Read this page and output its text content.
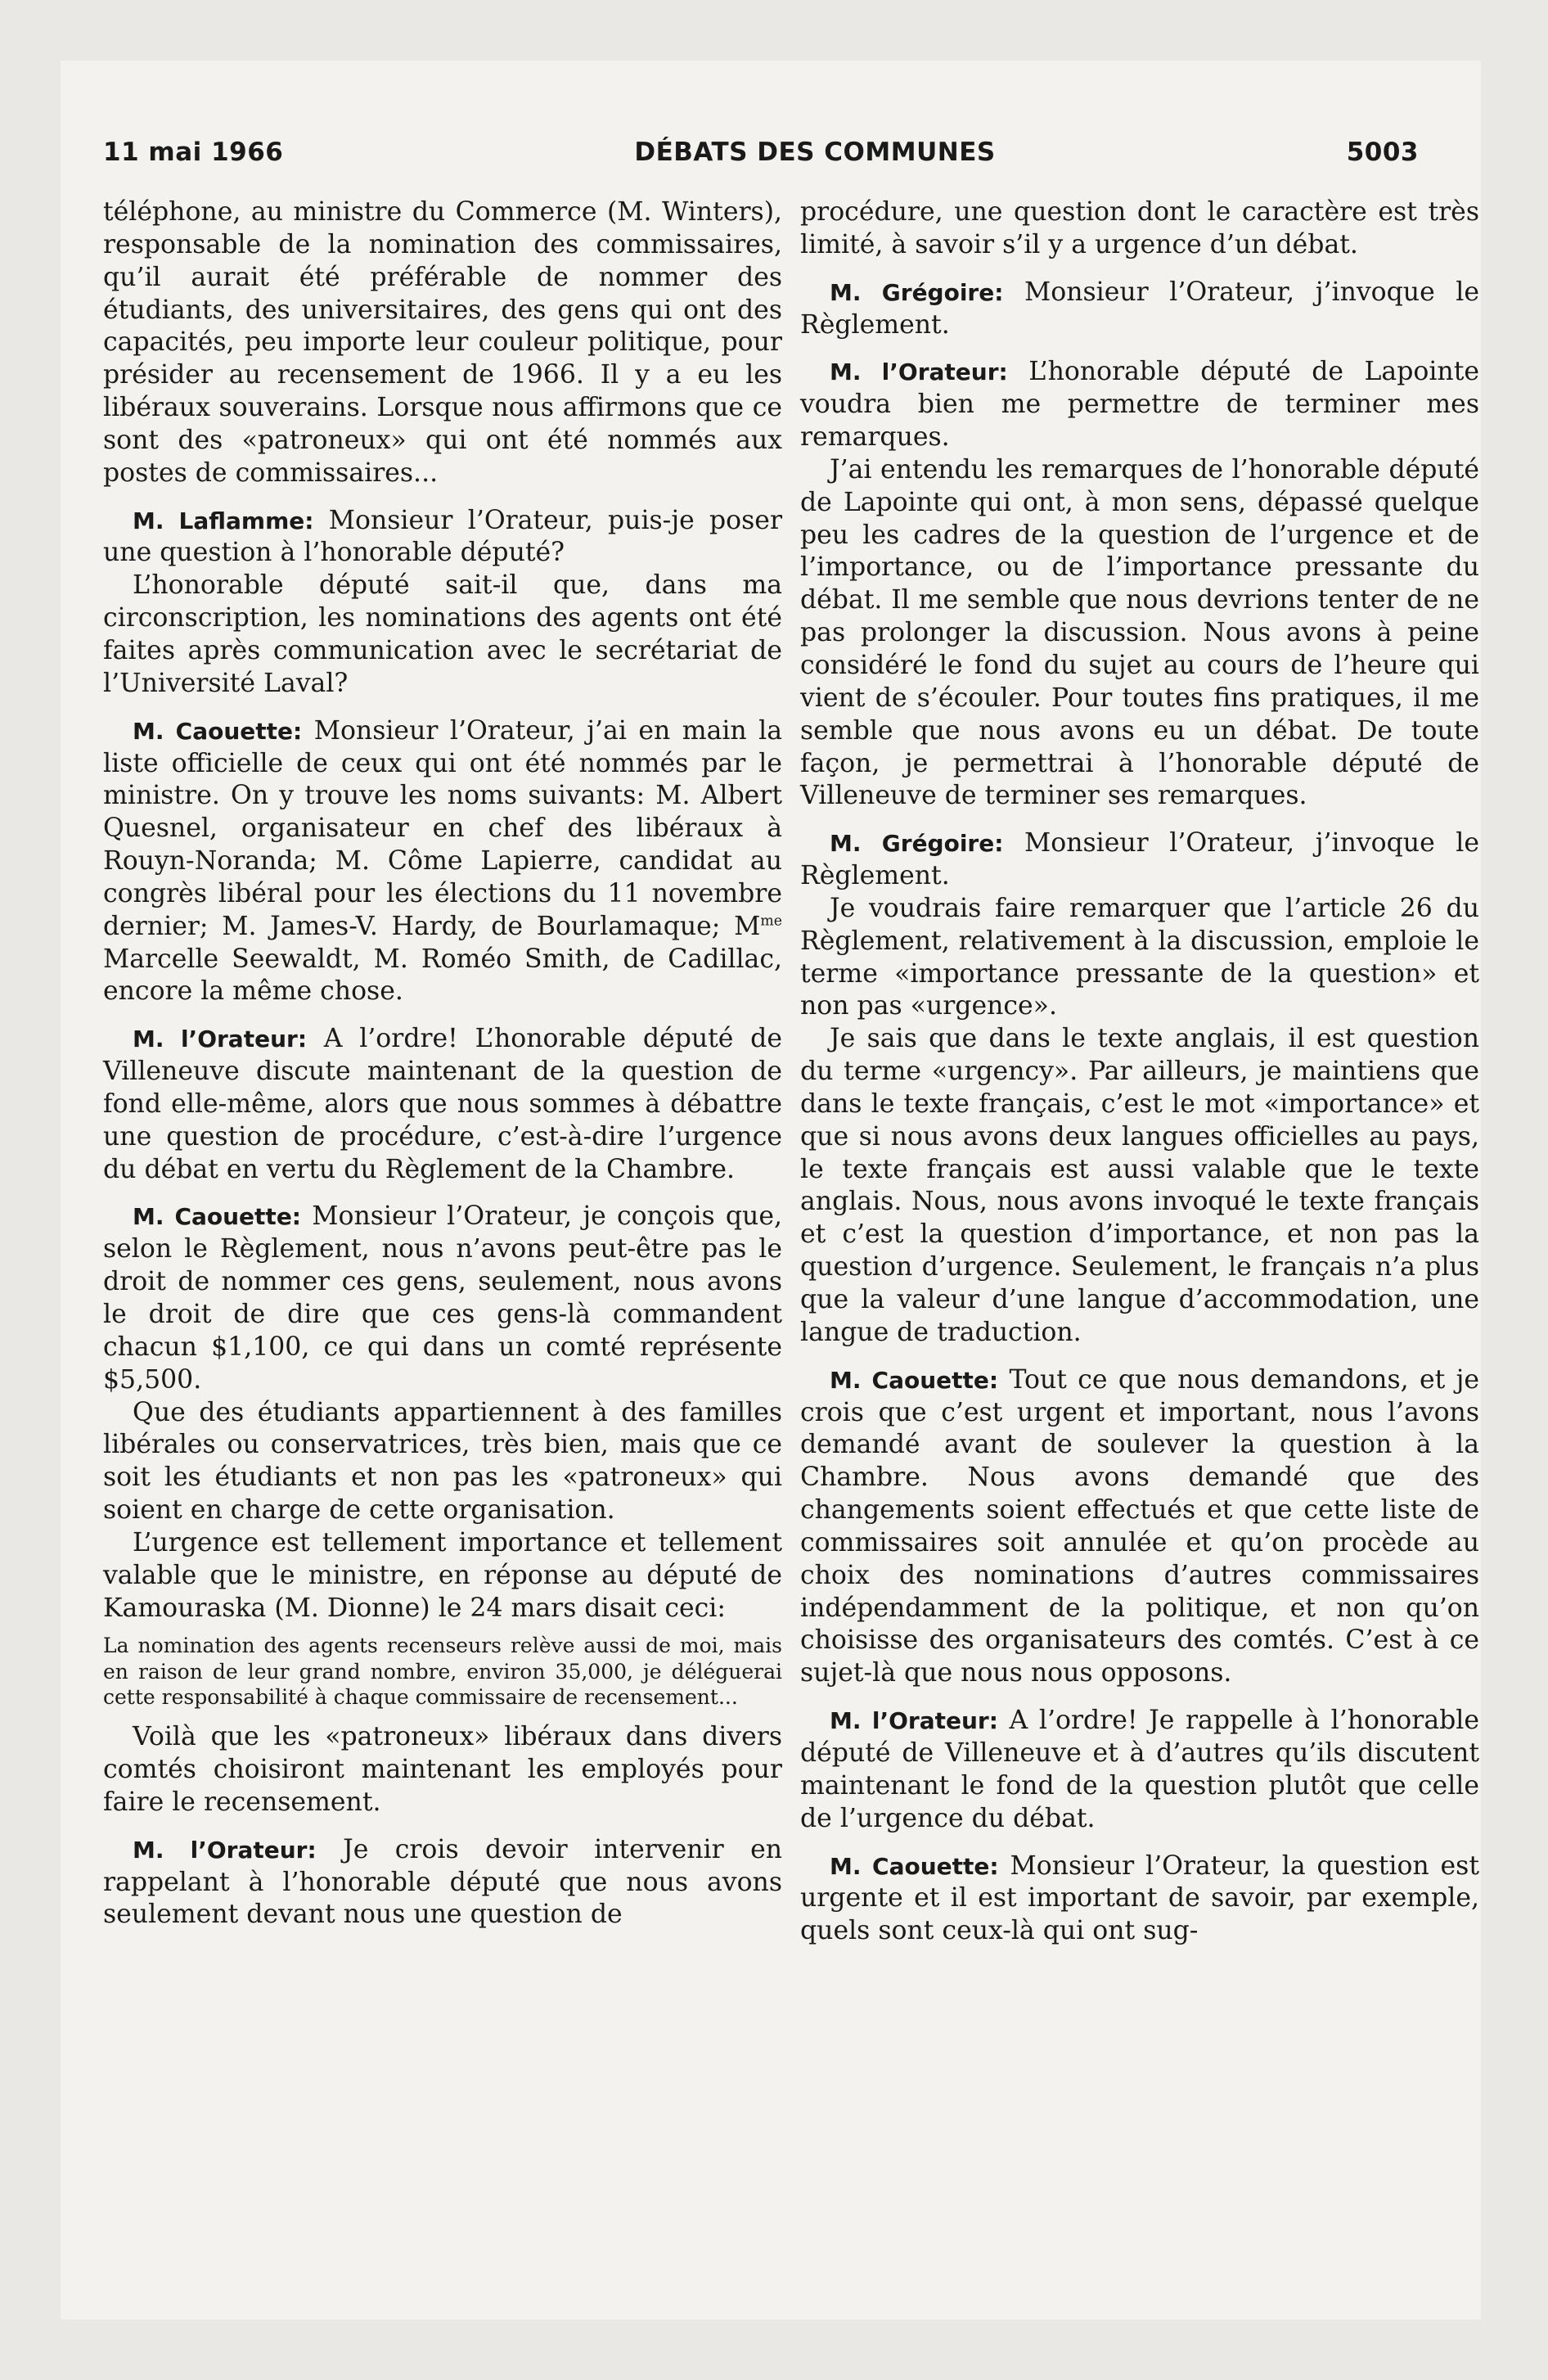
11 mai 1966	DÉBATS DES COMMUNES	5003

téléphone, au ministre du Commerce (M. Winters), responsable de la nomination des commissaires, qu’il aurait été préférable de nommer des étudiants, des universitaires, des gens qui ont des capacités, peu importe leur couleur politique, pour présider au recensement de 1966. Il y a eu les libéraux souverains. Lorsque nous affirmons que ce sont des «patroneux» qui ont été nommés aux postes de commissaires...

M. Laflamme: Monsieur l’Orateur, puis-je poser une question à l’honorable député?

L’honorable député sait-il que, dans ma circonscription, les nominations des agents ont été faites après communication avec le secrétariat de l’Université Laval?

M. Caouette: Monsieur l’Orateur, j’ai en main la liste officielle de ceux qui ont été nommés par le ministre. On y trouve les noms suivants: M. Albert Quesnel, organisateur en chef des libéraux à Rouyn-Noranda; M. Côme Lapierre, candidat au congrès libéral pour les élections du 11 novembre dernier; M. James-V. Hardy, de Bourlamaque; $M^{me}$ Marcelle Seewaldt, M. Roméo Smith, de Cadillac, encore la même chose.

M. l’Orateur: A l’ordre! L’honorable député de Villeneuve discute maintenant de la question de fond elle-même, alors que nous sommes à débattre une question de procédure, c’est-à-dire l’urgence du débat en vertu du Règlement de la Chambre.

M. Caouette: Monsieur l’Orateur, je conçois que, selon le Règlement, nous n’avons peut-être pas le droit de nommer ces gens, seulement, nous avons le droit de dire que ces gens-là commandent chacun $1,100, ce qui dans un comté représente $5,500.

Que des étudiants appartiennent à des familles libérales ou conservatrices, très bien, mais que ce soit les étudiants et non pas les «patroneux» qui soient en charge de cette organisation.

L’urgence est tellement importance et tellement valable que le ministre, en réponse au député de Kamouraska (M. Dionne) le 24 mars disait ceci:

La nomination des agents recenseurs relève aussi de moi, mais en raison de leur grand nombre, environ 35,000, je déléguerai cette responsabilité à chaque commissaire de recensement...

Voilà que les «patroneux» libéraux dans divers comtés choisiront maintenant les employés pour faire le recensement.

M. l’Orateur: Je crois devoir intervenir en rappelant à l’honorable député que nous avons seulement devant nous une question de

procédure, une question dont le caractère est très limité, à savoir s’il y a urgence d’un débat.

M. Grégoire: Monsieur l’Orateur, j’invoque le Règlement.

M. l’Orateur: L’honorable député de Lapointe voudra bien me permettre de terminer mes remarques.

J’ai entendu les remarques de l’honorable député de Lapointe qui ont, à mon sens, dépassé quelque peu les cadres de la question de l’urgence et de l’importance, ou de l’importance pressante du débat. Il me semble que nous devrions tenter de ne pas prolonger la discussion. Nous avons à peine considéré le fond du sujet au cours de l’heure qui vient de s’écouler. Pour toutes fins pratiques, il me semble que nous avons eu un débat. De toute façon, je permettrai à l’honorable député de Villeneuve de terminer ses remarques.

M. Grégoire: Monsieur l’Orateur, j’invoque le Règlement.

Je voudrais faire remarquer que l’article 26 du Règlement, relativement à la discussion, emploie le terme «importance pressante de la question» et non pas «urgence».

Je sais que dans le texte anglais, il est question du terme «urgency». Par ailleurs, je maintiens que dans le texte français, c’est le mot «importance» et que si nous avons deux langues officielles au pays, le texte français est aussi valable que le texte anglais. Nous, nous avons invoqué le texte français et c’est la question d’importance, et non pas la question d’urgence. Seulement, le français n’a plus que la valeur d’une langue d’accommodation, une langue de traduction.

M. Caouette: Tout ce que nous demandons, et je crois que c’est urgent et important, nous l’avons demandé avant de soulever la question à la Chambre. Nous avons demandé que des changements soient effectués et que cette liste de commissaires soit annulée et qu’on procède au choix des nominations d’autres commissaires indépendamment de la politique, et non qu’on choisisse des organisateurs des comtés. C’est à ce sujet-là que nous nous opposons.

M. l’Orateur: A l’ordre! Je rappelle à l’honorable député de Villeneuve et à d’autres qu’ils discutent maintenant le fond de la question plutôt que celle de l’urgence du débat.

M. Caouette: Monsieur l’Orateur, la question est urgente et il est important de savoir, par exemple, quels sont ceux-là qui ont sug-
